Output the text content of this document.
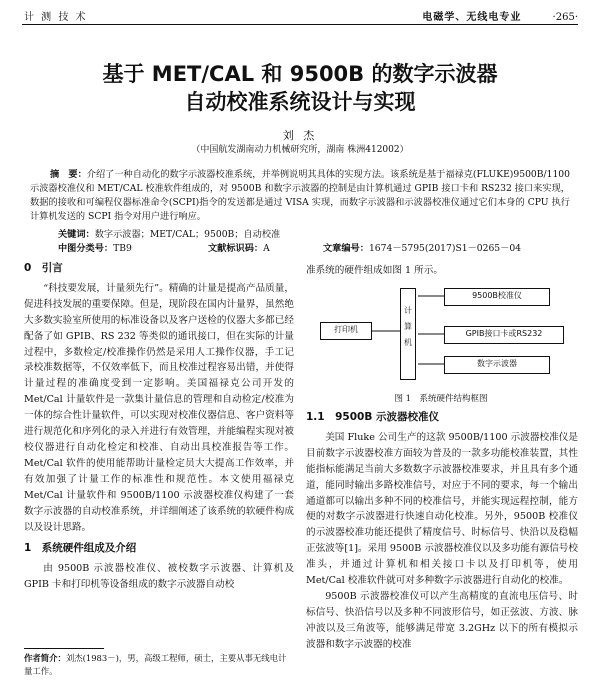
计 测 技 术	电磁学、无线电专业	·265·
基于 MET/CAL 和 9500B 的数字示波器
自动校准系统设计与实现
刘 杰
（中国航发湖南动力机械研究所，湖南 株洲412002）
摘　要：介绍了一种自动化的数字示波器校准系统，并举例说明其具体的实现方法。该系统是基于福禄克(FLUKE)9500B/1100 示波器校准仪和 MET/CAL 校准软件组成的，对 9500B 和数字示波器的控制是由计算机通过 GPIB 接口卡和 RS232 接口来实现，数据的接收和可编程仪器标准命令(SCPI)指令的发送都是通过 VISA 实现，而数字示波器和示波器校准仪通过它们本身的 CPU 执行计算机发送的 SCPI 指令对用户进行响应。
关键词：数字示波器；MET/CAL；9500B；自动校准
中图分类号：TB9	文献标识码：A	文章编号：1674－5795(2017)S1－0265－04
0　引言

“科技要发展，计量须先行”。精确的计量是提高产品质量，促进科技发展的重要保障。但是，现阶段在国内计量界，虽然绝大多数实验室所使用的标准设备以及客户送检的仪器大多都已经配备了如 GPIB、RS 232 等类似的通讯接口，但在实际的计量过程中，多数检定/校准操作仍然是采用人工操作仪器，手工记录校准数据等，不仅效率低下，而且校准过程容易出错，并使得计量过程的准确度受到一定影响。美国福禄克公司开发的 Met/Cal 计量软件是一款集计量信息的管理和自动检定/校准为一体的综合性计量软件，可以实现对校准仪器信息、客户资料等进行规范化和序列化的录入并进行有效管理，并能编程实现对被校仪器进行自动化检定和校准、自动出具校准报告等工作。Met/Cal 软件的使用能帮助计量检定员大大提高工作效率，并有效加强了计量工作的标准性和规范性。本文使用福禄克 Met/Cal 计量软件和 9500B/1100 示波器校准仪构建了一套数字示波器的自动校准系统，并详细阐述了该系统的软硬件构成以及设计思路。

1　系统硬件组成及介绍

由 9500B 示波器校准仪、被校数字示波器、计算机及 GPIB 卡和打印机等设备组成的数字示波器自动校

准系统的硬件组成如图 1 所示。
打印机
计
算
机
9500B校准仪
GPIB接口卡或RS232
数字示波器
图 1　系统硬件结构框图
1.1　9500B 示波器校准仪

美国 Fluke 公司生产的这款 9500B/1100 示波器校准仪是目前数字示波器校准方面较为普及的一款多功能校准装置，其性能指标能满足当前大多数数字示波器校准要求，并且具有多个通道，能同时输出多路校准信号，对应于不同的要求，每一个输出通道都可以输出多种不同的校准信号，并能实现远程控制，能方便的对数字示波器进行快速自动化校准。另外，9500B 校准仪的示波器校准功能还提供了精度信号、时标信号、快沿以及稳幅正弦波等[1]。采用 9500B 示波器校准仪以及多功能有源信号校准头，并通过计算机和相关接口卡以及打印机等，使用 Met/Cal 校准软件就可对多种数字示波器进行自动化的校准。

9500B 示波器校准仪可以产生高精度的直流电压信号、时标信号、快沿信号以及多种不同波形信号，如正弦波、方波、脉冲波以及三角波等，能够满足带宽 3.2GHz 以下的所有模拟示波器和数字示波器的校准

作者简介：刘杰(1983－)，男，高级工程师，硕士，主要从事无线电计量工作。
